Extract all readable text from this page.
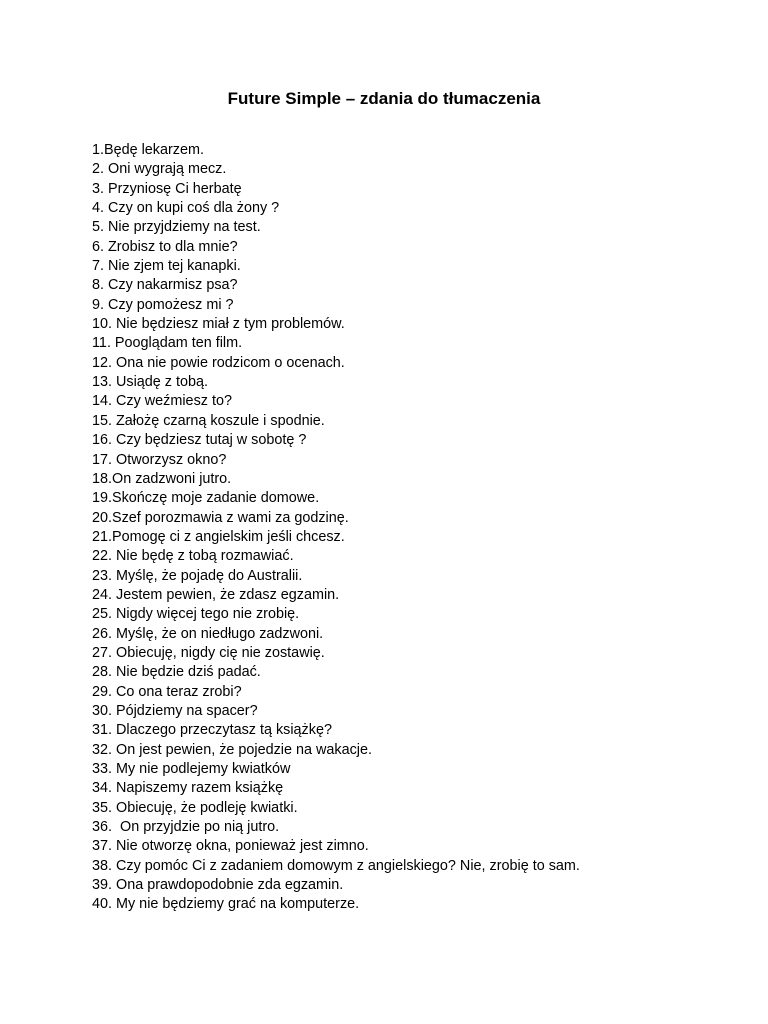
Future Simple – zdania do tłumaczenia
1.Będę lekarzem.
2. Oni wygrają mecz.
3. Przyniosę Ci herbatę
4. Czy on kupi coś dla żony ?
5. Nie przyjdziemy na test.
6. Zrobisz to dla mnie?
7. Nie zjem tej kanapki.
8. Czy nakarmisz psa?
9. Czy pomożesz mi ?
10. Nie będziesz miał z tym problemów.
11. Pooglądam ten film.
12. Ona nie powie rodzicom o ocenach.
13. Usiądę z tobą.
14. Czy weźmiesz to?
15. Założę czarną koszule i spodnie.
16. Czy będziesz tutaj w sobotę ?
17. Otworzysz okno?
18.On zadzwoni jutro.
19.Skończę moje zadanie domowe.
20.Szef porozmawia z wami za godzinę.
21.Pomogę ci z angielskim jeśli chcesz.
22. Nie będę z tobą rozmawiać.
23. Myślę, że pojadę do Australii.
24. Jestem pewien, że zdasz egzamin.
25. Nigdy więcej tego nie zrobię.
26. Myślę, że on niedługo zadzwoni.
27. Obiecuję, nigdy cię nie zostawię.
28. Nie będzie dziś padać.
29. Co ona teraz zrobi?
30. Pójdziemy na spacer?
31. Dlaczego przeczytasz tą książkę?
32. On jest pewien, że pojedzie na wakacje.
33. My nie podlejemy kwiatków
34. Napiszemy razem książkę
35. Obiecuję, że podleję kwiatki.
36.  On przyjdzie po nią jutro.
37. Nie otworzę okna, ponieważ jest zimno.
38. Czy pomóc Ci z zadaniem domowym z angielskiego? Nie, zrobię to sam.
39. Ona prawdopodobnie zda egzamin.
40. My nie będziemy grać na komputerze.
